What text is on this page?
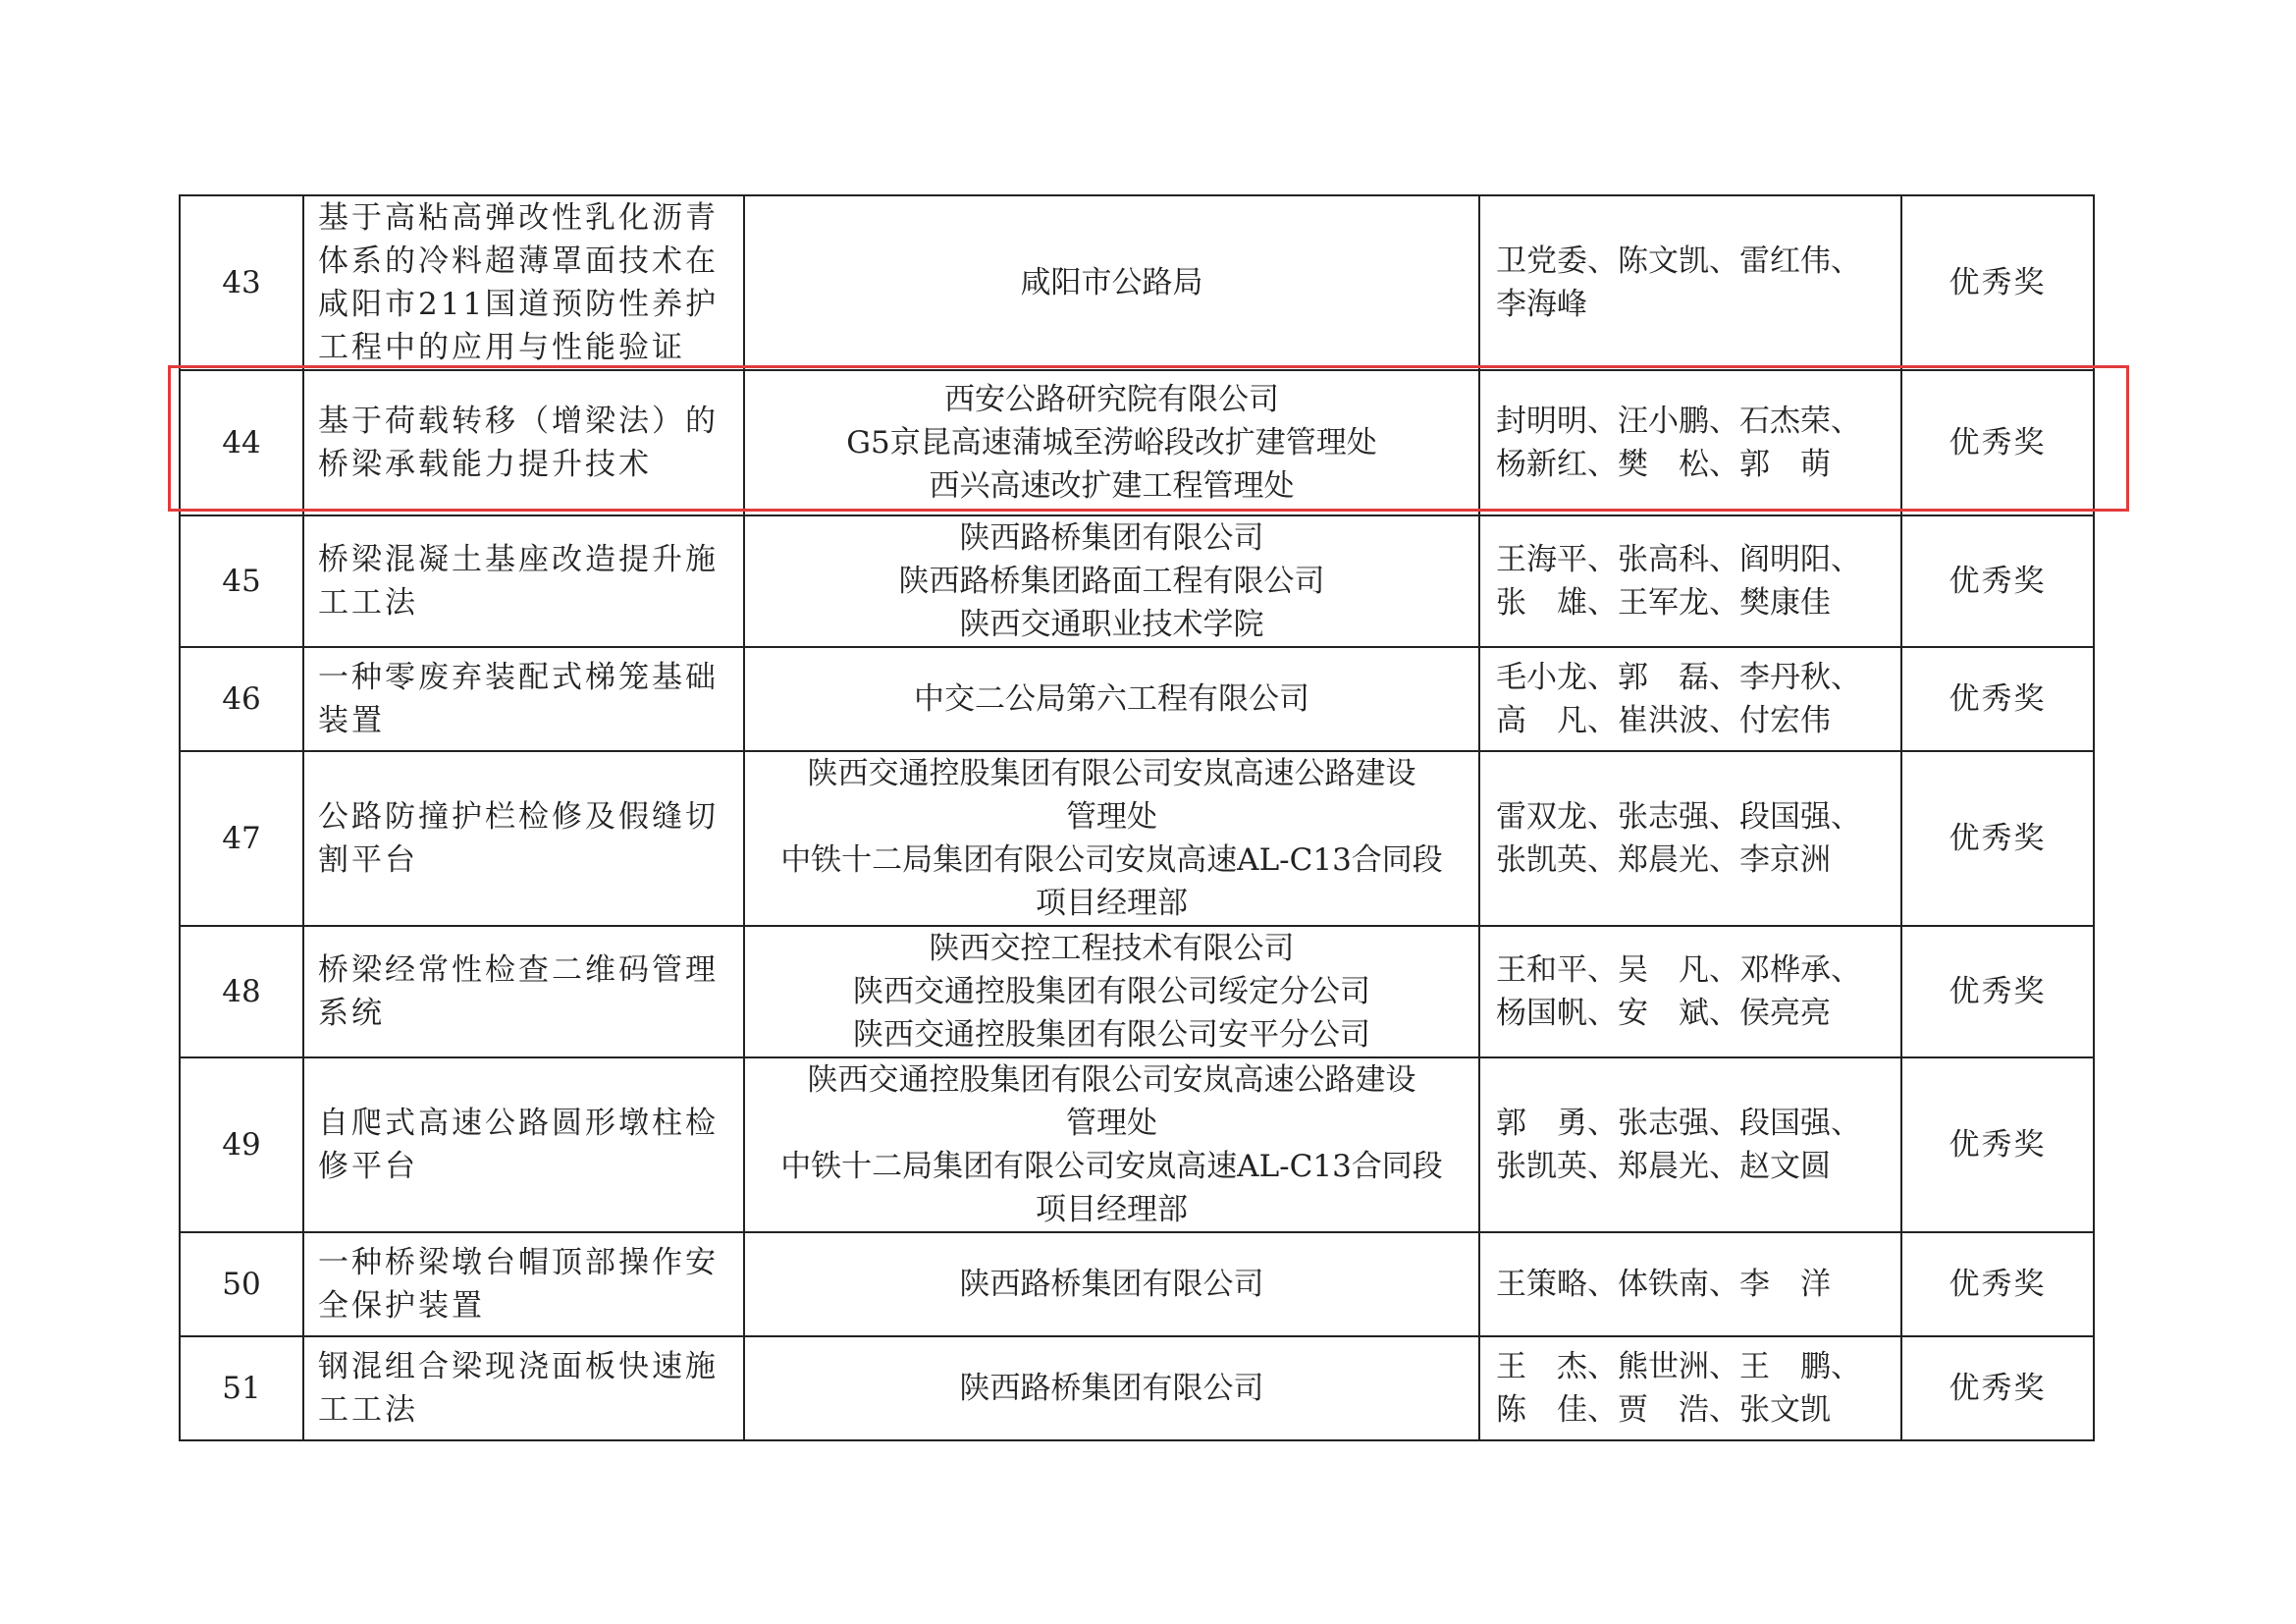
43	基于高粘高弹改性乳化沥青体系的冷料超薄罩面技术在咸阳市211国道预防性养护工程中的应用与性能验证	咸阳市公路局	卫党委、陈文凯、雷红伟、
李海峰	优秀奖
44	基于荷载转移（增梁法）的桥梁承载能力提升技术	西安公路研究院有限公司
G5京昆高速蒲城至涝峪段改扩建管理处
西兴高速改扩建工程管理处	封明明、汪小鹏、石杰荣、
杨新红、樊　松、郭　萌	优秀奖
45	桥梁混凝土基座改造提升施工工法	陕西路桥集团有限公司
陕西路桥集团路面工程有限公司
陕西交通职业技术学院	王海平、张高科、阎明阳、
张　雄、王军龙、樊康佳	优秀奖
46	一种零废弃装配式梯笼基础装置	中交二公局第六工程有限公司	毛小龙、郭　磊、李丹秋、
高　凡、崔洪波、付宏伟	优秀奖
47	公路防撞护栏检修及假缝切割平台	陕西交通控股集团有限公司安岚高速公路建设
管理处
中铁十二局集团有限公司安岚高速AL-C13合同段
项目经理部	雷双龙、张志强、段国强、
张凯英、郑晨光、李京洲	优秀奖
48	桥梁经常性检查二维码管理系统	陕西交控工程技术有限公司
陕西交通控股集团有限公司绥定分公司
陕西交通控股集团有限公司安平分公司	王和平、吴　凡、邓桦承、
杨国帆、安　斌、侯亮亮	优秀奖
49	自爬式高速公路圆形墩柱检修平台	陕西交通控股集团有限公司安岚高速公路建设
管理处
中铁十二局集团有限公司安岚高速AL-C13合同段
项目经理部	郭　勇、张志强、段国强、
张凯英、郑晨光、赵文圆	优秀奖
50	一种桥梁墩台帽顶部操作安全保护装置	陕西路桥集团有限公司	王策略、体铁南、李　洋	优秀奖
51	钢混组合梁现浇面板快速施工工法	陕西路桥集团有限公司	王　杰、熊世洲、王　鹏、
陈　佳、贾　浩、张文凯	优秀奖
